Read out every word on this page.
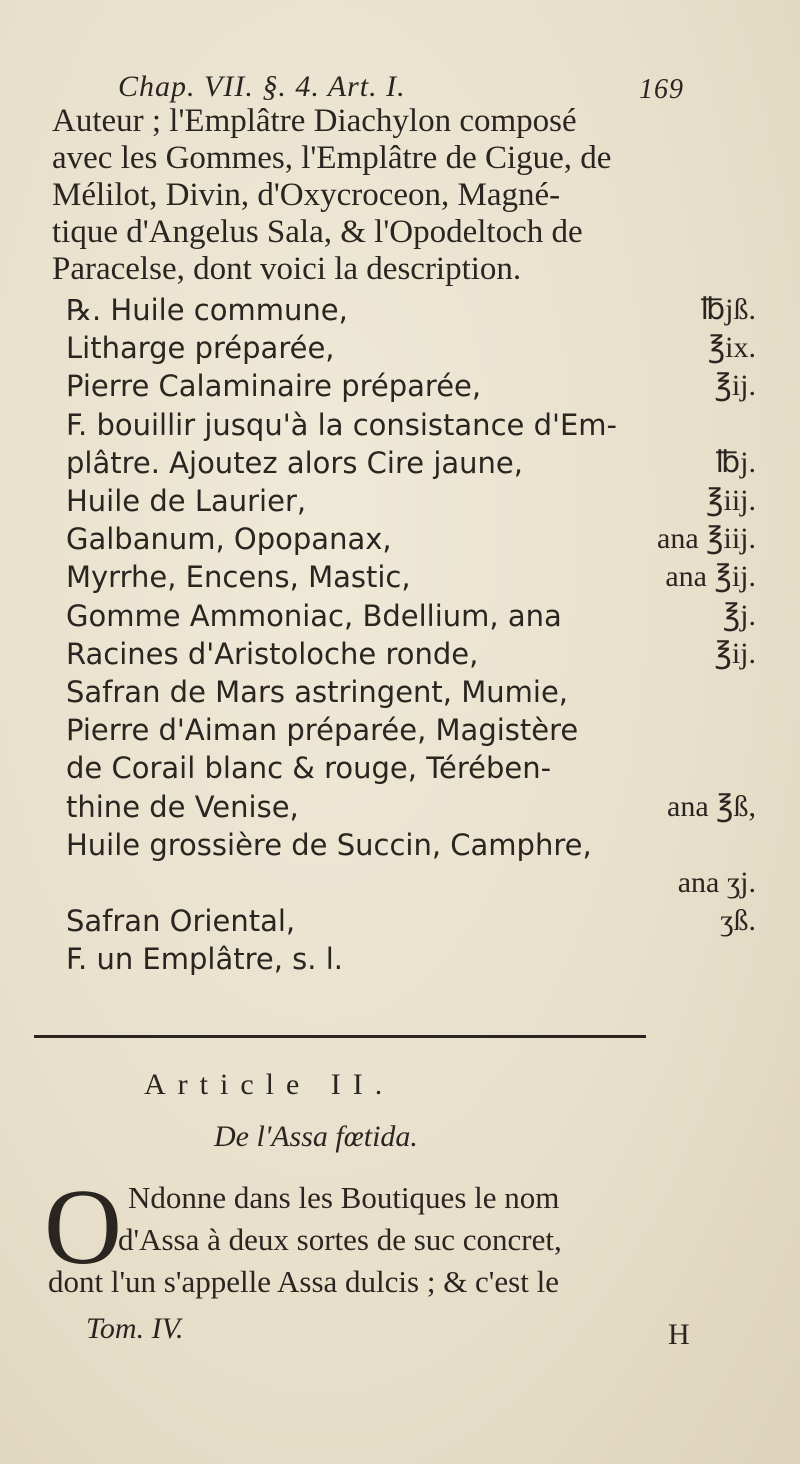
Chap. VII. §. 4. Art. I.	169
Auteur ; l'Emplâtre Diachylon composé
avec les Gommes, l'Emplâtre de Cigue, de
Mélilot, Divin, d'Oxycroceon, Magné-
tique d'Angelus Sala, & l'Opodeltoch de
Paracelse, dont voici la description.
℞. Huile commune,	℔jß.
Litharge préparée,	℥ix.
Pierre Calaminaire préparée,	℥ij.
F. bouillir jusqu'à la consistance d'Em-
plâtre. Ajoutez alors Cire jaune,	℔j.
Huile de Laurier,	℥iij.
Galbanum, Opopanax,	ana ℥iij.
Myrrhe, Encens, Mastic,	ana ℥ij.
Gomme Ammoniac, Bdellium, ana	℥j.
Racines d'Aristoloche ronde,	℥ij.
Safran de Mars astringent, Mumie,
Pierre d'Aiman préparée, Magistère
de Corail blanc & rouge, Térében-
thine de Venise,	ana ℥ß,
Huile grossière de Succin, Camphre,
ana ʒj.
Safran Oriental,	ʒß.
F. un Emplâtre, s. l.
Article II.
De l'Assa fœtida.
O Ndonne dans les Boutiques le nom
d'Assa à deux sortes de suc concret,
dont l'un s'appelle Assa dulcis ; & c'est le
Tom. IV.	H
